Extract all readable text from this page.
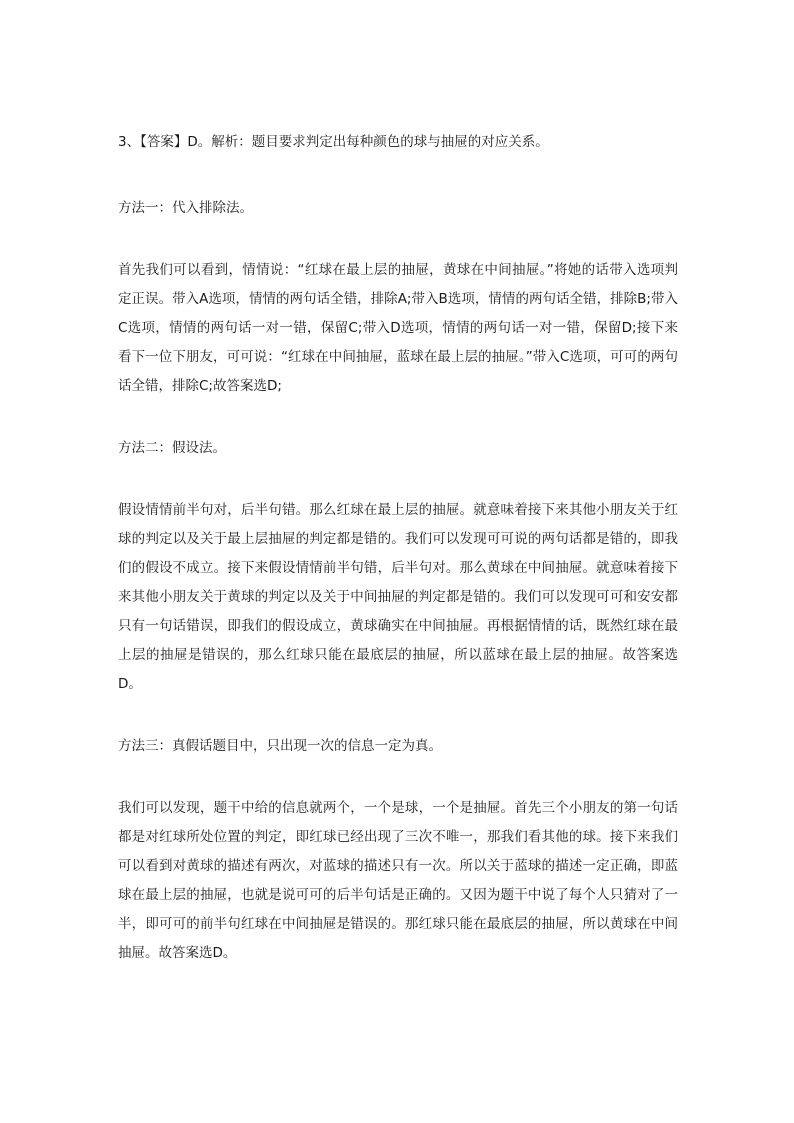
3、【答案】D。解析：题目要求判定出每种颜色的球与抽屉的对应关系。

方法一：代入排除法。

首先我们可以看到，情情说：“红球在最上层的抽屉，黄球在中间抽屉。”将她的话带入选项判定正误。带入A选项，情情的两句话全错，排除A;带入B选项，情情的两句话全错，排除B;带入C选项，情情的两句话一对一错，保留C;带入D选项，情情的两句话一对一错，保留D;接下来看下一位下朋友，可可说：“红球在中间抽屉，蓝球在最上层的抽屉。”带入C选项，可可的两句话全错，排除C;故答案选D;

方法二：假设法。

假设情情前半句对，后半句错。那么红球在最上层的抽屉。就意味着接下来其他小朋友关于红球的判定以及关于最上层抽屉的判定都是错的。我们可以发现可可说的两句话都是错的，即我们的假设不成立。接下来假设情情前半句错，后半句对。那么黄球在中间抽屉。就意味着接下来其他小朋友关于黄球的判定以及关于中间抽屉的判定都是错的。我们可以发现可可和安安都只有一句话错误，即我们的假设成立，黄球确实在中间抽屉。再根据情情的话，既然红球在最上层的抽屉是错误的，那么红球只能在最底层的抽屉，所以蓝球在最上层的抽屉。故答案选D。

方法三：真假话题目中，只出现一次的信息一定为真。

我们可以发现，题干中给的信息就两个，一个是球，一个是抽屉。首先三个小朋友的第一句话都是对红球所处位置的判定，即红球已经出现了三次不唯一，那我们看其他的球。接下来我们可以看到对黄球的描述有两次，对蓝球的描述只有一次。所以关于蓝球的描述一定正确，即蓝球在最上层的抽屉，也就是说可可的后半句话是正确的。又因为题干中说了每个人只猜对了一半，即可可的前半句红球在中间抽屉是错误的。那红球只能在最底层的抽屉，所以黄球在中间抽屉。故答案选D。
